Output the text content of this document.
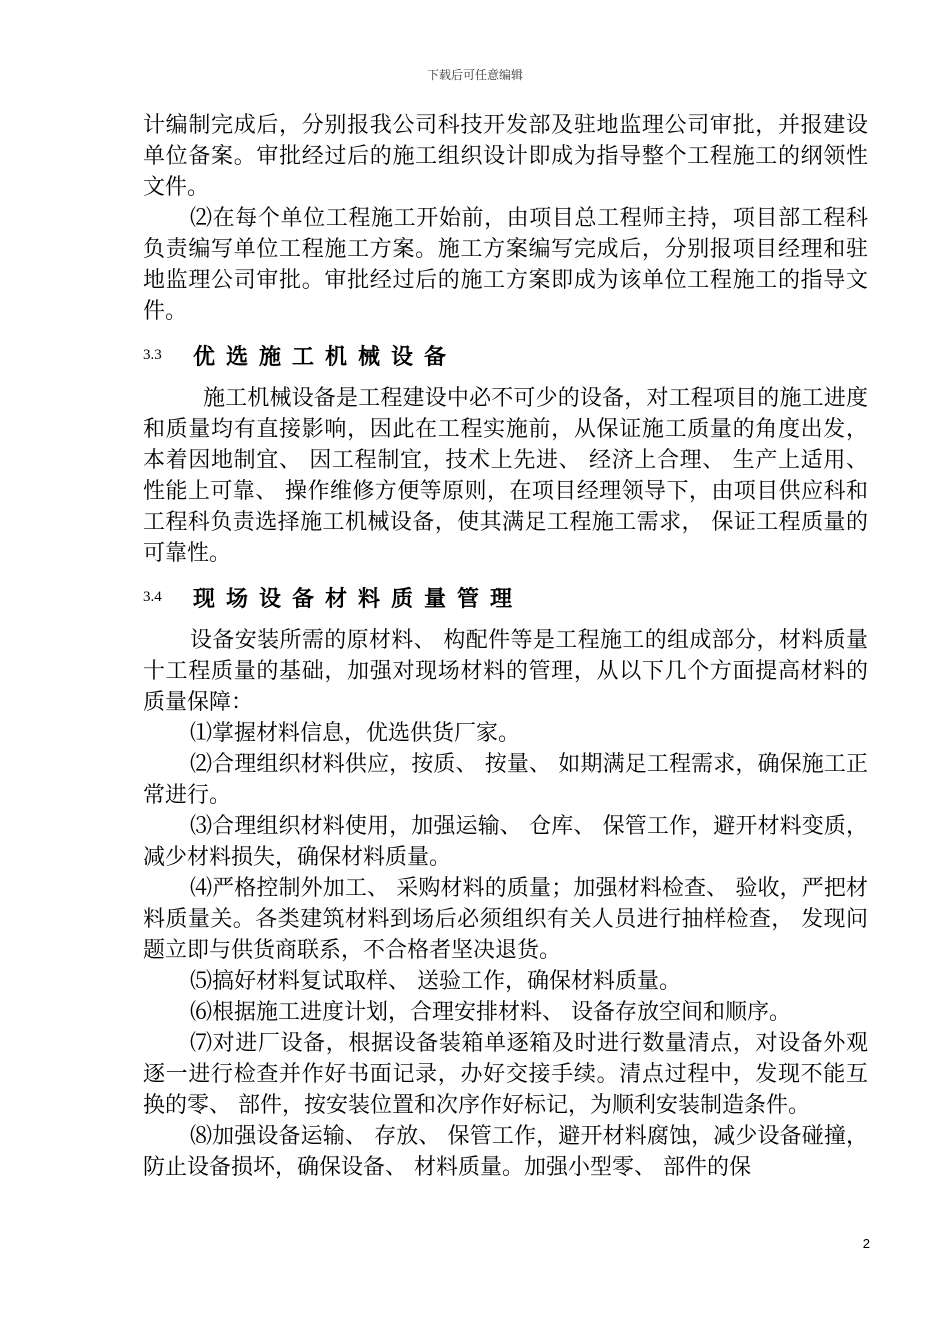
下载后可任意编辑

计编制完成后，分别报我公司科技开发部及驻地监理公司审批，并报建设单位备案。审批经过后的施工组织设计即成为指导整个工程施工的纲领性文件。

⑵在每个单位工程施工开始前，由项目总工程师主持，项目部工程科负责编写单位工程施工方案。施工方案编写完成后，分别报项目经理和驻地监理公司审批。审批经过后的施工方案即成为该单位工程施工的指导文件。

3.3	优选施工机械设备

施工机械设备是工程建设中必不可少的设备，对工程项目的施工进度和质量均有直接影响，因此在工程实施前，从保证施工质量的角度出发，本着因地制宜、 因工程制宜，技术上先进、 经济上合理、 生产上适用、 性能上可靠、 操作维修方便等原则，在项目经理领导下，由项目供应科和工程科负责选择施工机械设备，使其满足工程施工需求， 保证工程质量的可靠性。

3.4	现场设备材料质量管理

设备安装所需的原材料、 构配件等是工程施工的组成部分，材料质量十工程质量的基础，加强对现场材料的管理，从以下几个方面提高材料的质量保障：

⑴掌握材料信息，优选供货厂家。

⑵合理组织材料供应，按质、 按量、 如期满足工程需求，确保施工正常进行。

⑶合理组织材料使用，加强运输、 仓库、 保管工作，避开材料变质，减少材料损失，确保材料质量。

⑷严格控制外加工、 采购材料的质量；加强材料检查、 验收，严把材料质量关。各类建筑材料到场后必须组织有关人员进行抽样检查， 发现问题立即与供货商联系，不合格者坚决退货。

⑸搞好材料复试取样、 送验工作，确保材料质量。

⑹根据施工进度计划，合理安排材料、 设备存放空间和顺序。

⑺对进厂设备，根据设备装箱单逐箱及时进行数量清点，对设备外观逐一进行检查并作好书面记录，办好交接手续。清点过程中，发现不能互换的零、 部件，按安装位置和次序作好标记，为顺利安装制造条件。

⑻加强设备运输、 存放、 保管工作，避开材料腐蚀，减少设备碰撞，防止设备损坏，确保设备、 材料质量。加强小型零、 部件的保

2
